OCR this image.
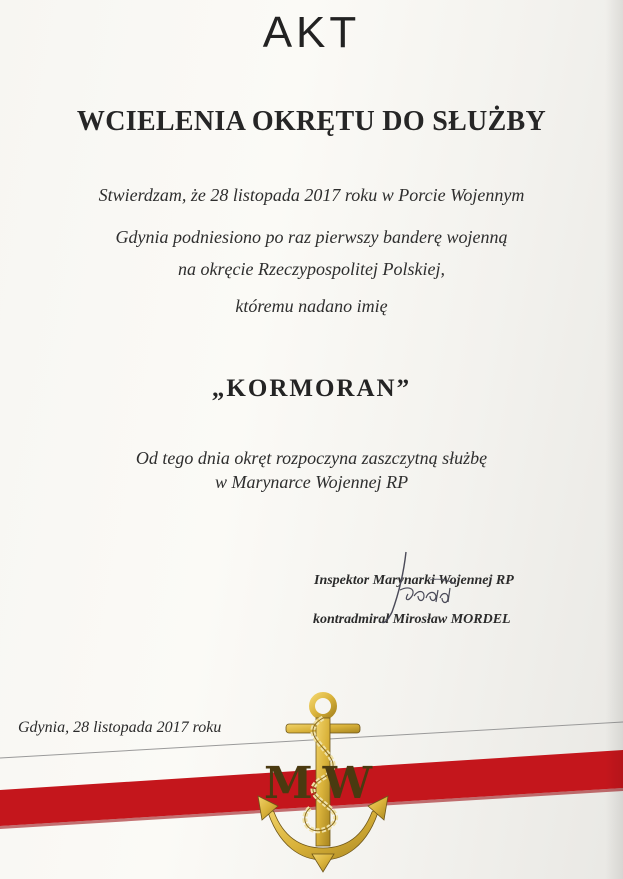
AKT
WCIELENIA OKRĘTU DO SŁUŻBY
Stwierdzam, że 28 listopada 2017 roku w Porcie Wojennym
Gdynia podniesiono po raz pierwszy banderę wojenną
na okręcie Rzeczypospolitej Polskiej,
któremu nadano imię
„KORMORAN”
Od tego dnia okręt rozpoczyna zaszczytną służbę
w Marynarce Wojennej RP
Inspektor Marynarki Wojennej RP
kontradmirał Mirosław MORDEL
Gdynia, 28 listopada 2017 roku
MW
